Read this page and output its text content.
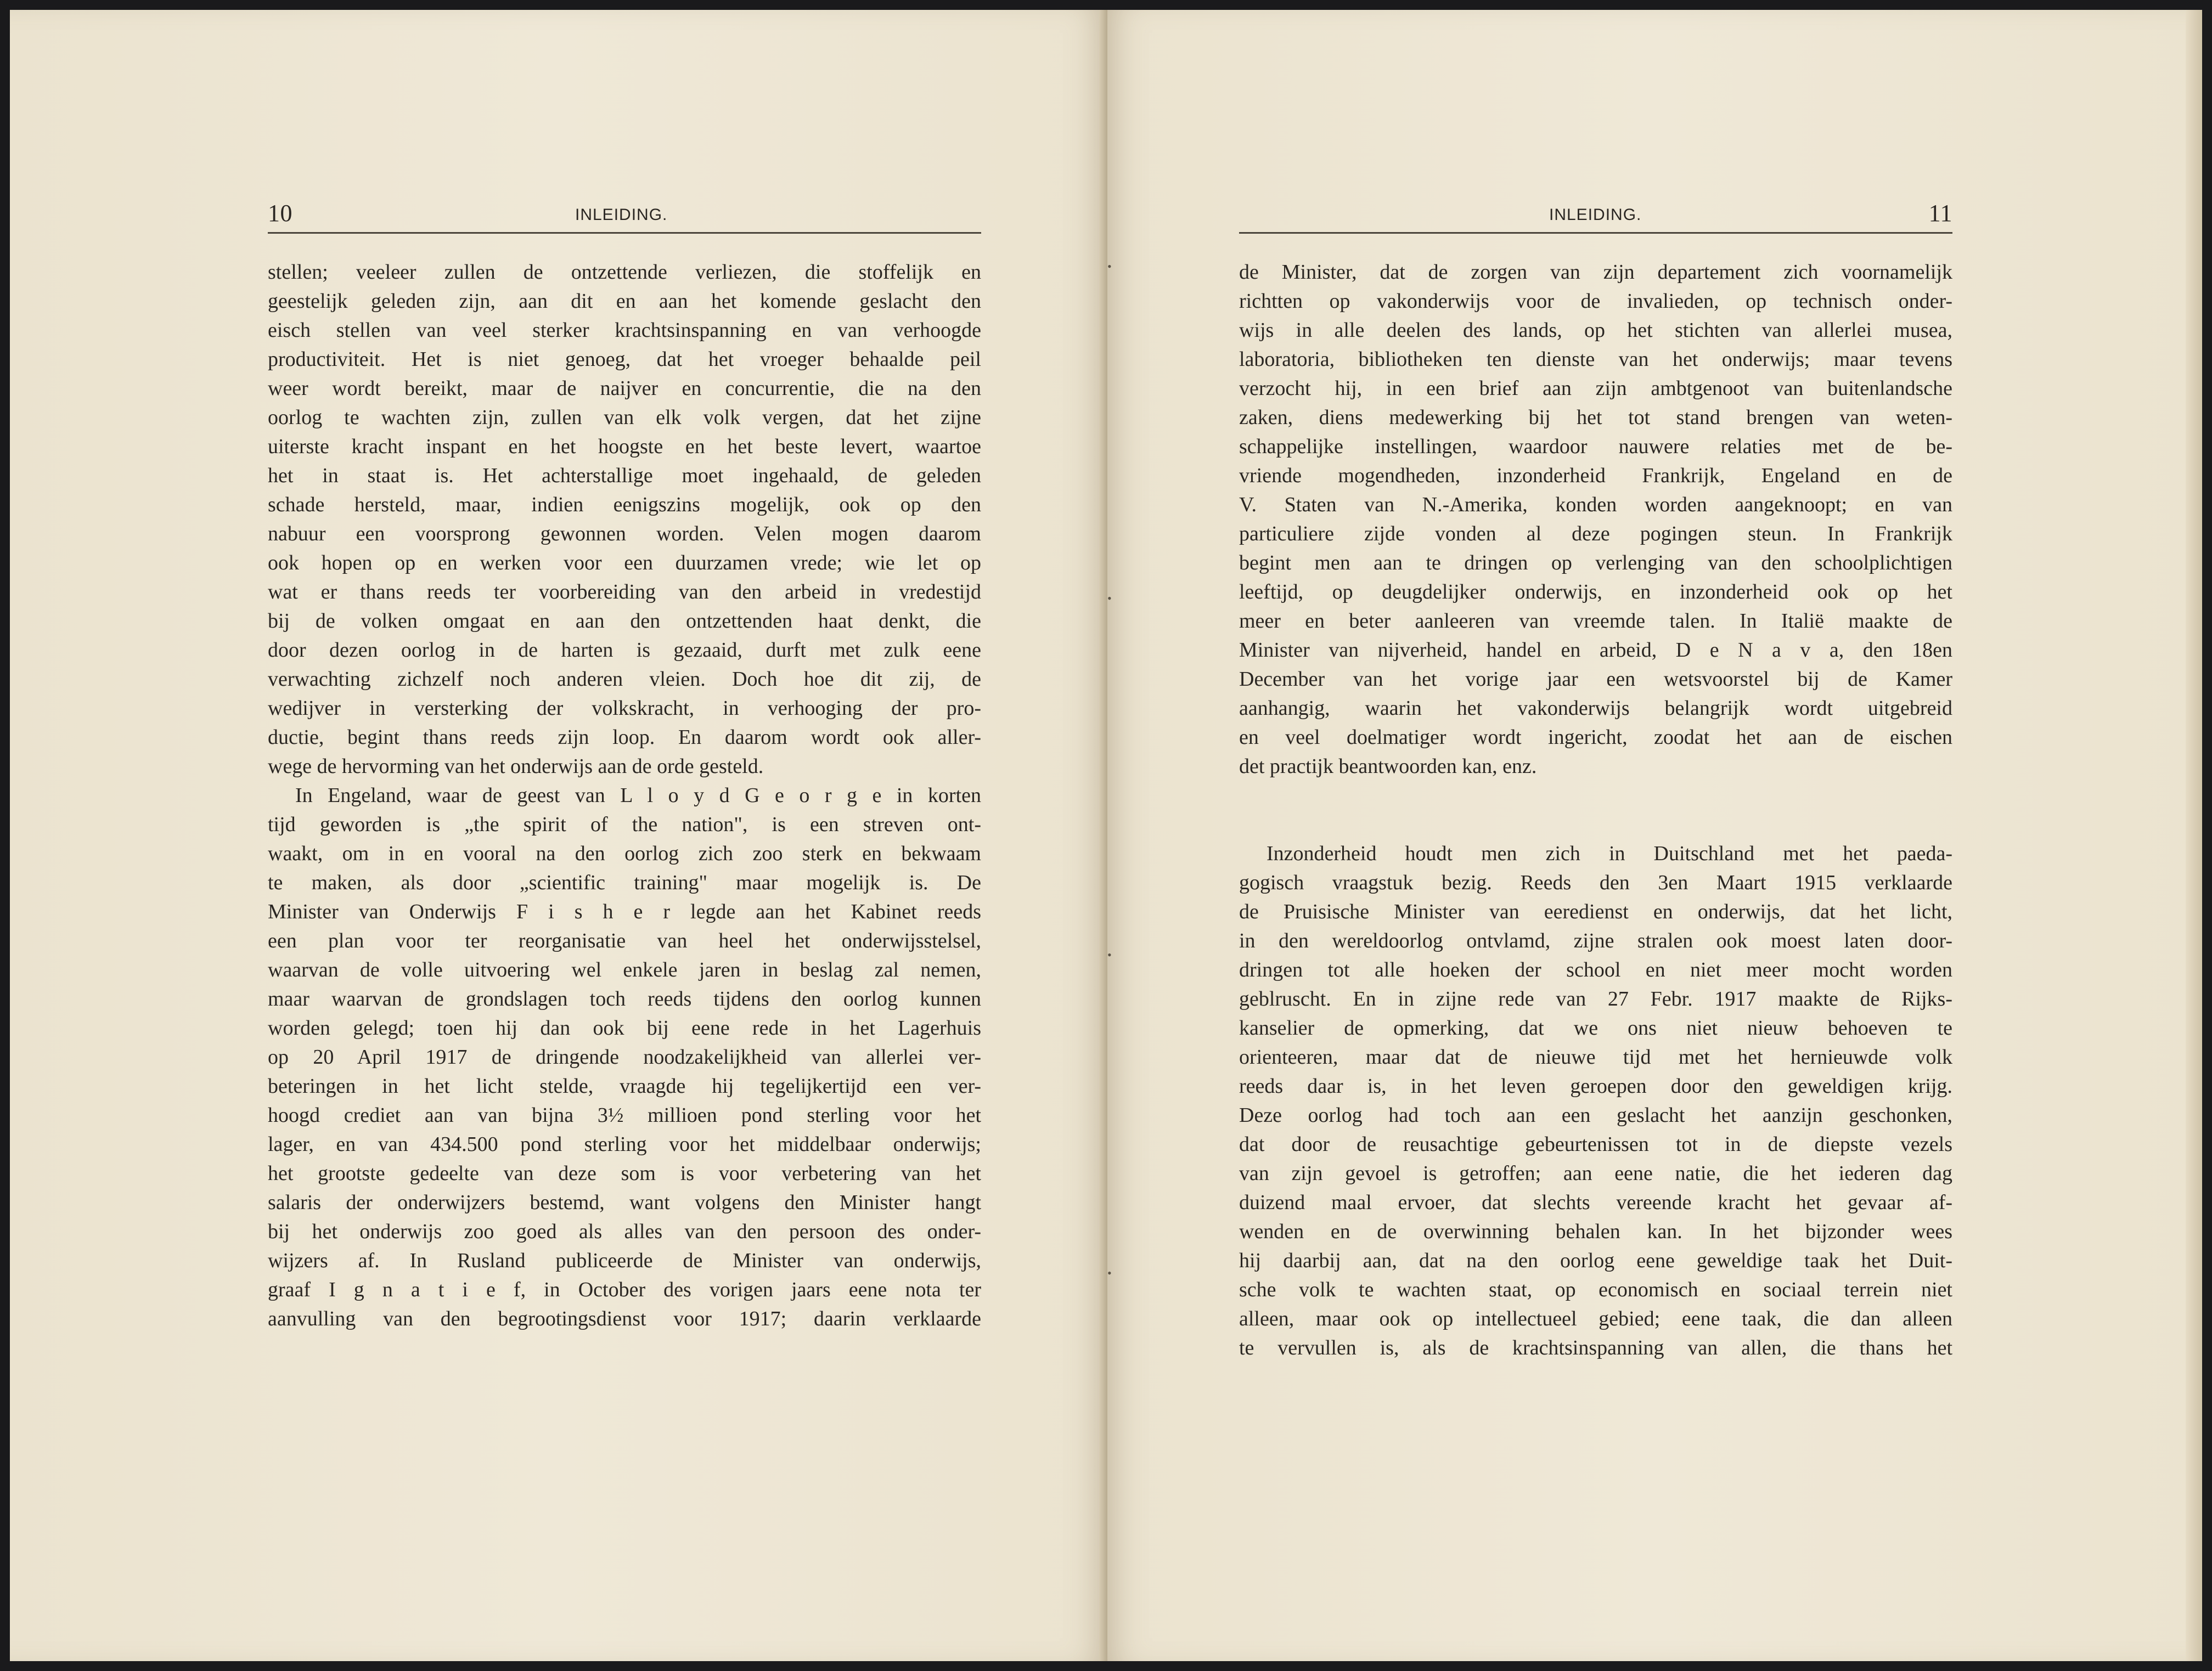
10	INLEIDING.
stellen; veeleer zullen de ontzettende verliezen, die stoffelijk en
geestelijk geleden zijn, aan dit en aan het komende geslacht den
eisch stellen van veel sterker krachtsinspanning en van verhoogde
productiviteit. Het is niet genoeg, dat het vroeger behaalde peil
weer wordt bereikt, maar de naijver en concurrentie, die na den
oorlog te wachten zijn, zullen van elk volk vergen, dat het zijne
uiterste kracht inspant en het hoogste en het beste levert, waartoe
het in staat is. Het achterstallige moet ingehaald, de geleden
schade hersteld, maar, indien eenigszins mogelijk, ook op den
nabuur een voorsprong gewonnen worden. Velen mogen daarom
ook hopen op en werken voor een duurzamen vrede; wie let op
wat er thans reeds ter voorbereiding van den arbeid in vredestijd
bij de volken omgaat en aan den ontzettenden haat denkt, die
door dezen oorlog in de harten is gezaaid, durft met zulk eene
verwachting zichzelf noch anderen vleien. Doch hoe dit zij, de
wedijver in versterking der volkskracht, in verhooging der pro-
ductie, begint thans reeds zijn loop. En daarom wordt ook aller-
wege de hervorming van het onderwijs aan de orde gesteld.
In Engeland, waar de geest van L l o y d G e o r g e in korten
tijd geworden is „the spirit of the nation", is een streven ont-
waakt, om in en vooral na den oorlog zich zoo sterk en bekwaam
te maken, als door „scientific training" maar mogelijk is. De
Minister van Onderwijs F i s h e r legde aan het Kabinet reeds
een plan voor ter reorganisatie van heel het onderwijsstelsel,
waarvan de volle uitvoering wel enkele jaren in beslag zal nemen,
maar waarvan de grondslagen toch reeds tijdens den oorlog kunnen
worden gelegd; toen hij dan ook bij eene rede in het Lagerhuis
op 20 April 1917 de dringende noodzakelijkheid van allerlei ver-
beteringen in het licht stelde, vraagde hij tegelijkertijd een ver-
hoogd crediet aan van bijna 3½ millioen pond sterling voor het
lager, en van 434.500 pond sterling voor het middelbaar onderwijs;
het grootste gedeelte van deze som is voor verbetering van het
salaris der onderwijzers bestemd, want volgens den Minister hangt
bij het onderwijs zoo goed als alles van den persoon des onder-
wijzers af. In Rusland publiceerde de Minister van onderwijs,
graaf I g n a t i e f, in October des vorigen jaars eene nota ter
aanvulling van den begrootingsdienst voor 1917; daarin verklaarde
INLEIDING.	11
de Minister, dat de zorgen van zijn departement zich voornamelijk
richtten op vakonderwijs voor de invalieden, op technisch onder-
wijs in alle deelen des lands, op het stichten van allerlei musea,
laboratoria, bibliotheken ten dienste van het onderwijs; maar tevens
verzocht hij, in een brief aan zijn ambtgenoot van buitenlandsche
zaken, diens medewerking bij het tot stand brengen van weten-
schappelijke instellingen, waardoor nauwere relaties met de be-
vriende mogendheden, inzonderheid Frankrijk, Engeland en de
V. Staten van N.-Amerika, konden worden aangeknoopt; en van
particuliere zijde vonden al deze pogingen steun. In Frankrijk
begint men aan te dringen op verlenging van den schoolplichtigen
leeftijd, op deugdelijker onderwijs, en inzonderheid ook op het
meer en beter aanleeren van vreemde talen. In Italië maakte de
Minister van nijverheid, handel en arbeid, D e N a v a, den 18en
December van het vorige jaar een wetsvoorstel bij de Kamer
aanhangig, waarin het vakonderwijs belangrijk wordt uitgebreid
en veel doelmatiger wordt ingericht, zoodat het aan de eischen
det practijk beantwoorden kan, enz.
Inzonderheid houdt men zich in Duitschland met het paeda-
gogisch vraagstuk bezig. Reeds den 3en Maart 1915 verklaarde
de Pruisische Minister van eeredienst en onderwijs, dat het licht,
in den wereldoorlog ontvlamd, zijne stralen ook moest laten door-
dringen tot alle hoeken der school en niet meer mocht worden
geblruscht. En in zijne rede van 27 Febr. 1917 maakte de Rijks-
kanselier de opmerking, dat we ons niet nieuw behoeven te
orienteeren, maar dat de nieuwe tijd met het hernieuwde volk
reeds daar is, in het leven geroepen door den geweldigen krijg.
Deze oorlog had toch aan een geslacht het aanzijn geschonken,
dat door de reusachtige gebeurtenissen tot in de diepste vezels
van zijn gevoel is getroffen; aan eene natie, die het iederen dag
duizend maal ervoer, dat slechts vereende kracht het gevaar af-
wenden en de overwinning behalen kan. In het bijzonder wees
hij daarbij aan, dat na den oorlog eene geweldige taak het Duit-
sche volk te wachten staat, op economisch en sociaal terrein niet
alleen, maar ook op intellectueel gebied; eene taak, die dan alleen
te vervullen is, als de krachtsinspanning van allen, die thans het
•
•
•
•
